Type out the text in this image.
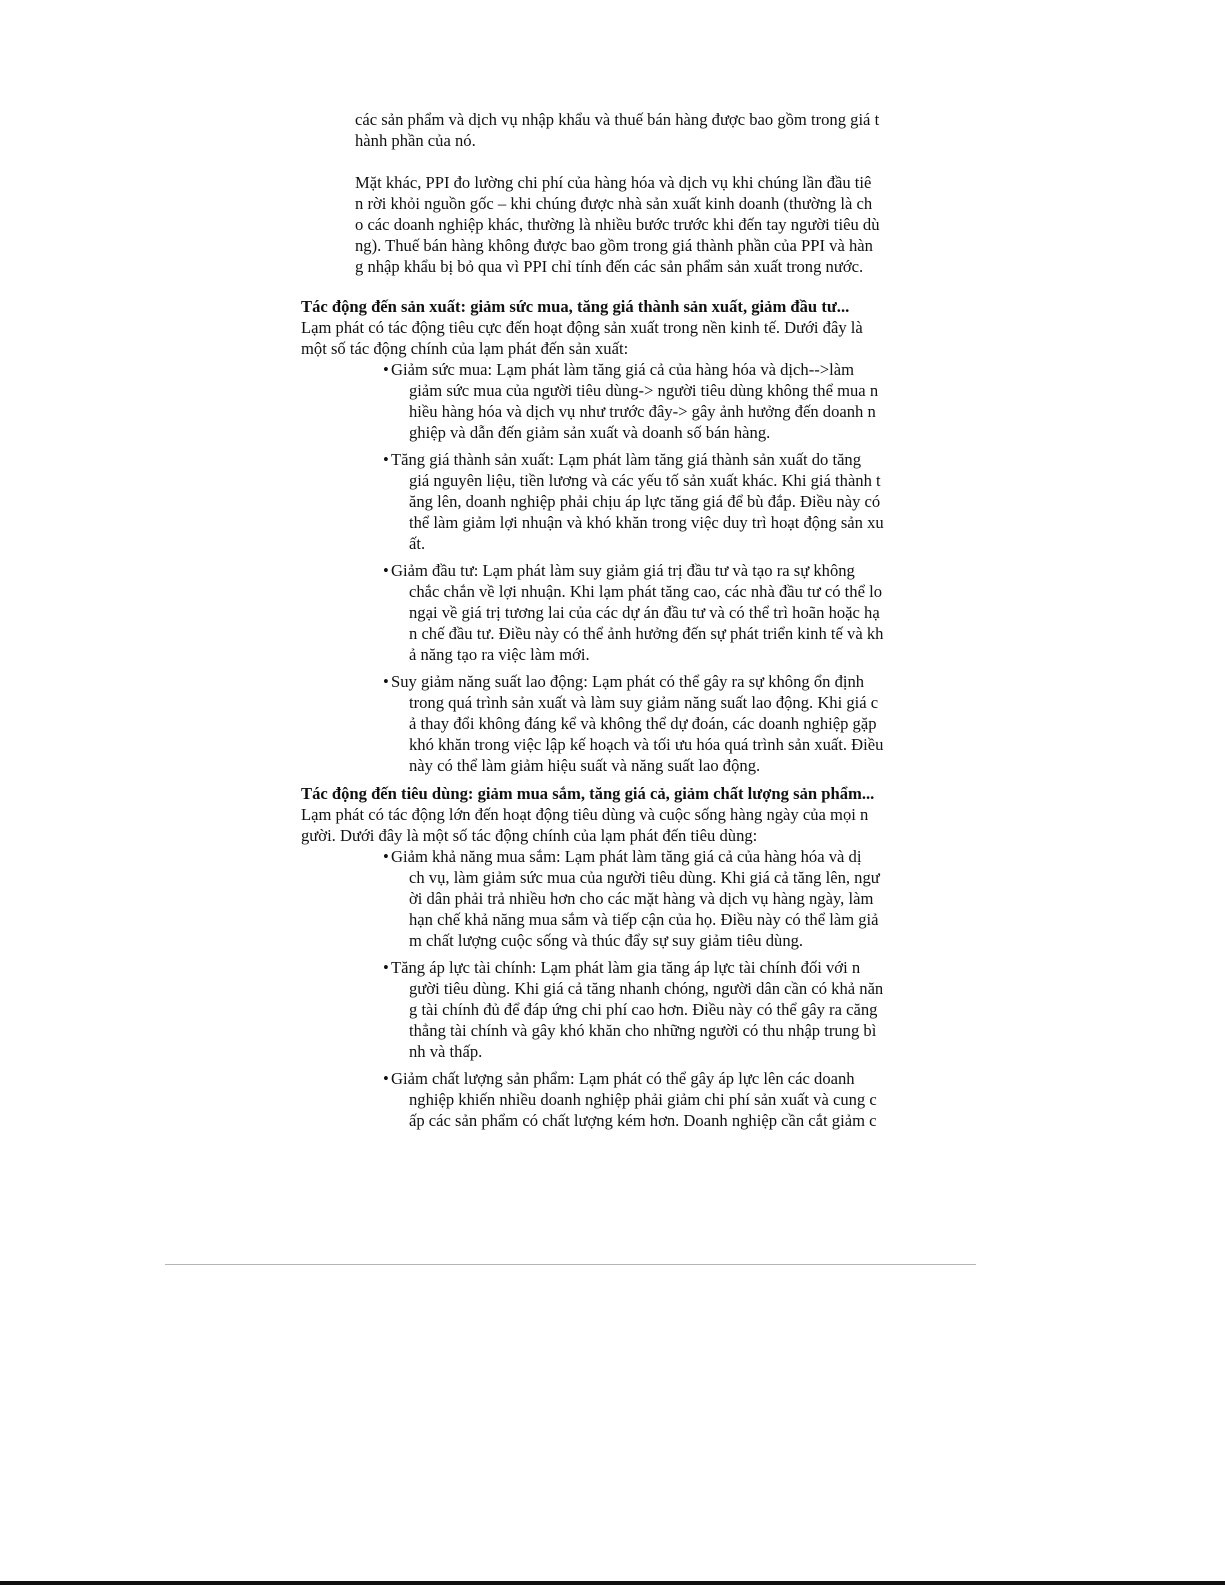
các sản phẩm và dịch vụ nhập khẩu và thuế bán hàng được bao gồm trong giá t
hành phần của nó.
Mặt khác, PPI đo lường chi phí của hàng hóa và dịch vụ khi chúng lần đầu tiê
n rời khỏi nguồn gốc – khi chúng được nhà sản xuất kinh doanh (thường là ch
o các doanh nghiệp khác, thường là nhiều bước trước khi đến tay người tiêu dù
ng). Thuế bán hàng không được bao gồm trong giá thành phần của PPI và hàn
g nhập khẩu bị bỏ qua vì PPI chỉ tính đến các sản phẩm sản xuất trong nước.
Tác động đến sản xuất: giảm sức mua, tăng giá thành sản xuất, giảm đầu tư...
Lạm phát có tác động tiêu cực đến hoạt động sản xuất trong nền kinh tế. Dưới đây là
một số tác động chính của lạm phát đến sản xuất:
• Giảm sức mua: Lạm phát làm tăng giá cả của hàng hóa và dịch-->làm
giảm sức mua của người tiêu dùng-> người tiêu dùng không thể mua n
hiều hàng hóa và dịch vụ như trước đây-> gây ảnh hưởng đến doanh n
ghiệp và dẫn đến giảm sản xuất và doanh số bán hàng.
• Tăng giá thành sản xuất: Lạm phát làm tăng giá thành sản xuất do tăng
giá nguyên liệu, tiền lương và các yếu tố sản xuất khác. Khi giá thành t
ăng lên, doanh nghiệp phải chịu áp lực tăng giá để bù đắp. Điều này có
thể làm giảm lợi nhuận và khó khăn trong việc duy trì hoạt động sản xu
ất.
• Giảm đầu tư: Lạm phát làm suy giảm giá trị đầu tư và tạo ra sự không
chắc chắn về lợi nhuận. Khi lạm phát tăng cao, các nhà đầu tư có thể lo
ngại về giá trị tương lai của các dự án đầu tư và có thể trì hoãn hoặc hạ
n chế đầu tư. Điều này có thể ảnh hưởng đến sự phát triển kinh tế và kh
ả năng tạo ra việc làm mới.
• Suy giảm năng suất lao động: Lạm phát có thể gây ra sự không ổn định
trong quá trình sản xuất và làm suy giảm năng suất lao động. Khi giá c
ả thay đổi không đáng kể và không thể dự đoán, các doanh nghiệp gặp
khó khăn trong việc lập kế hoạch và tối ưu hóa quá trình sản xuất. Điều
này có thể làm giảm hiệu suất và năng suất lao động.
Tác động đến tiêu dùng: giảm mua sắm, tăng giá cả, giảm chất lượng sản phẩm...
Lạm phát có tác động lớn đến hoạt động tiêu dùng và cuộc sống hàng ngày của mọi n
gười. Dưới đây là một số tác động chính của lạm phát đến tiêu dùng:
• Giảm khả năng mua sắm: Lạm phát làm tăng giá cả của hàng hóa và dị
ch vụ, làm giảm sức mua của người tiêu dùng. Khi giá cả tăng lên, ngư
ời dân phải trả nhiều hơn cho các mặt hàng và dịch vụ hàng ngày, làm
hạn chế khả năng mua sắm và tiếp cận của họ. Điều này có thể làm giả
m chất lượng cuộc sống và thúc đẩy sự suy giảm tiêu dùng.
• Tăng áp lực tài chính: Lạm phát làm gia tăng áp lực tài chính đối với n
gười tiêu dùng. Khi giá cả tăng nhanh chóng, người dân cần có khả năn
g tài chính đủ để đáp ứng chi phí cao hơn. Điều này có thể gây ra căng
thẳng tài chính và gây khó khăn cho những người có thu nhập trung bì
nh và thấp.
• Giảm chất lượng sản phẩm: Lạm phát có thể gây áp lực lên các doanh
nghiệp khiến nhiều doanh nghiệp phải giảm chi phí sản xuất và cung c
ấp các sản phẩm có chất lượng kém hơn. Doanh nghiệp cần cắt giảm c
